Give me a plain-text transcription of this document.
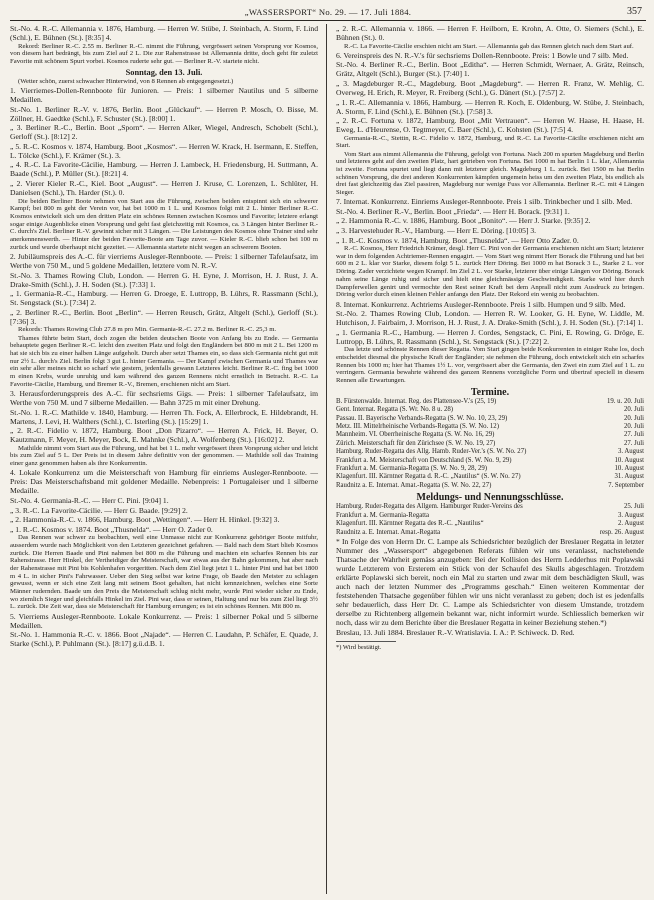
„WASSERSPORT“ No. 29. — 17. Juli 1884.	357

St.-No. 4. R.-C. Allemannia v. 1876, Hamburg. — Herren W. Stübe, J. Steinbach, A. Storm, F. Lind (Schl.), E. Bühnen (St.). [8:35] 4.

Rekord: Berliner R.-C. 2.55 m. Berliner R.-C. nimmt die Führung, vergrössert seinen Vorsprung vor Kosmos, von diesem hart bedrängt, bis zum Ziel auf 2 L. Die zur Rahenstrasse ist Allemannia dritte, doch geht für zuletzt Favorite mit schönem Spurt vorbei. Kosmos ruderte sehr gut. — Berliner R.-V. startete nicht.

Sonntag, den 13. Juli.

(Wetter schön, zuerst schwacher Hinterwind, von 8 Rennen ab entgegengesetzt.)

1. Vierriemes-Dollen-Rennboote für Junioren. — Preis: 1 silberner Nautilus und 5 silberne Medaillen.

St.-No. 1. Berliner R.-V. v. 1876, Berlin. Boot „Glückauf“. — Herren P. Mosch, O. Bisse, M. Zöllner, H. Gaedtke (Schl.), F. Schuster (St.). [8:00] 1.

„ 3. Berliner R.-C., Berlin. Boot „Sporn“. — Herren Alker, Wiegel, Andresch, Schobelt (Schl.), Gerloff (St.). [8:12] 2.

„ 5. R.-C. Kosmos v. 1874, Hamburg. Boot „Kosmos“. — Herren W. Krack, H. Isermann, E. Steffen, L. Tölcke (Schl.), F. Krämer (St.). 3.

„ 4. R.-C. La Favorite-Cäcilie, Hamburg. — Herren J. Lambeck, H. Friedensburg, H. Suttmann, A. Baade (Schl.), P. Müller (St.). [8:21] 4.

„ 2. Vierer Kieler R.-C., Kiel. Boot „August“. — Herren J. Kruse, C. Lorenzen, L. Schlüter, H. Danielsen (Schl.), Th. Harder (St.). 0.

Die beiden Berliner Boote nehmen von Start aus die Führung, zwischen beiden entspinnt sich ein schwerer Kampf; bei 800 m geht der Verein vor, hat bei 1000 m 1 L. und Kosmos folgt mit 2 L. hinter Berliner R.-C. Kosmos entwickelt sich um den dritten Platz ein schönes Rennen zwischen Kosmos und Favorite; letztere erlangt sogar einige Augenblicke einen Vorsprung und geht fast gleichzeitig mit Kosmos, ca. 3 Längen hinter Berliner R.-C. durch's Ziel. Berliner R.-V. gewinnt sicher mit 3 Längen. — Die Leistungen des Kosmos ohne Trainer sind sehr anerkennenswerth. — Hinter der beiden Favorite-Boote am Tage zuvor. — Kieler R.-C. blieb schon bei 100 m zurück und wurde überhaupt nicht gezeitet. — Allemannia startete nicht wegen an schwerem Booten.

2. Jubiläumspreis des A.-C. für vierriems Ausleger-Rennboote. — Preis: 1 silberner Tafelaufsatz, im Werthe von 750 M., und 5 goldene Medaillen, letztere vom N. R.-V.

St.-No. 3. Thames Rowing Club, London. — Herren G. H. Eyne, J. Morrison, H. J. Rust, J. A. Drake-Smith (Schl.), J. H. Soden (St.). [7:33] 1.

„ 1. Germania-R.-C., Hamburg. — Herren G. Droege, E. Luttropp, B. Lührs, R. Rassmann (Schl.), St. Sengstack (St.). [7:34] 2.

„ 2. Berliner R.-C., Berlin. Boot „Berlin“. — Herren Reusch, Grätz, Altgelt (Schl.), Gerloff (St.). [7:36] 3.

Rekords: Thames Rowing Club 27.8 m pro Min. Germania-R.-C. 27.2 m. Berliner R.-C. 25,3 m.

Thames führte beim Start, doch zogen die beiden deutschen Boote von Anfang bis zu Ende. — Germania behauptete gegen Berliner R.-C. leicht den zweiten Platz und folgt den Engländern bei 800 m mit 2 L. Bei 1200 m hat sie sich bis zu einer halben Länge aufgeholt. Durch aber setzt Thames ein, so dass sich Germania nicht gut mit nur 2½ L. durch's Ziel. Berlin folgt 3 gut L. hinter Germania. — Der Kampf zwischen Germania und Thames war ein sehr aller meines nicht so scharf wie gestern, jedenfalls gewann Letzteres leicht. Berliner R.-C. fing bei 1000 m einen Krebs, wurde unruhig und kam während des ganzen Rennens nicht ernstlich in Betracht. R.-C. La Favorite-Cäcilie, Hamburg, und Bremer R.-V., Bremen, erschienen nicht am Start.

3. Herausforderungspreis des A.-C. für sechsriems Gigs. — Preis: 1 silberner Tafelaufsatz, im Werthe von 750 M. und 7 silberne Medaillen. — Bahn 3725 m mit einer Drehung.

St.-No. 1. R.-C. Mathilde v. 1840, Hamburg. — Herren Th. Fock, A. Ellerbrock, E. Hildebrandt, H. Martens, J. Levi, H. Walthers (Schl.), C. Isterling (St.). [15:29] 1.

„ 2. R.-C. Fidelio v. 1872, Hamburg. Boot „Don Pizarro“. — Herren A. Frick, H. Beyer, O. Kautzmann, F. Meyer, H. Meyer, Bock, E. Mahnke (Schl.), A. Wolfenberg (St.). [16:02] 2.

Mathilde nimmt vom Start aus die Führung, und hat bei 1 L. mehr vergrössert ihren Vorsprung sicher und leicht bis zum Ziel auf 5 L. Der Preis ist in diesem Jahre definitiv von der genommen. — Mathilde soll das Training einer ganz genommen haben als ihre Konkurrentin.

4. Lokale Konkurrenz um die Meisterschaft von Hamburg für einriems Ausleger-Rennboote. — Preis: Das Meisterschaftsband mit goldener Medaille. Nebenpreis: 1 Portugaleiser und 1 silberne Medaille.

St.-No. 4. Germania-R.-C. — Herr C. Pini. [9:04] 1.

„ 3. R.-C. La Favorite-Cäcilie. — Herr G. Baade. [9:29] 2.

„ 2. Hammonia-R.-C. v. 1866, Hamburg. Boot „Wettingen“. — Herr H. Hinkel. [9:32] 3.

„ 1. R.-C. Kosmos v. 1874. Boot „Thusnelda“. — Herr O. Zader 0.

Das Rennen war schwer zu beobachten, weil eine Unmasse nicht zur Konkurrenz gehöriger Boote mitfuhr, ausserdem wurde nach Möglichkeit von den Letzteren gezeichnet gefahren. — Bald nach dem Start blieb Kosmos zurück. Die Herren Baade und Pini nahmen bei 800 m die Führung und machten ein scharfes Rennen bis zur Rahenstrasse. Herr Hinkel, der Vertheidiger der Meisterschaft, war etwas aus der Bahn gekommen, hat aber nach der Rahenstrasse mit Pini bis Kohlenhafen vorgeritten. Nach dem Ziel liegt jetzt 1 L. hinter Pini und hat bei 1800 m 4 L. in sicher Pini's Fahrwasser. Ueber den Sieg selbst war keine Frage, ob Baade den Meister zu schlagen gewusst, wenn er sich eine Zeit lang mit seinem Boot gehalten, hat nicht kennzeichnen, welches eine Sorte Männer rudernden. Baade um den Preis die Meisterschaft schlug nicht mehr, wurde Pini wieder sicher zu Ende, wo ziemlich Sieger und gleichfalls Hinkel im Ziel. Pini war, dass er seinen, Haltung und nur bis zum Ziel liegt 3½ L. zurück. Die Zeit war, dass sie Meisterschaft für Hamburg errungen; es ist ein schönes Rennen. Mit 800 m.

5. Vierriems Ausleger-Rennboote. Lokale Konkurrenz. — Preis: 1 silberner Pokal und 5 silberne Medaillen.

St.-No. 1. Hammonia R.-C. v. 1866. Boot „Najade“. — Herren C. Laudahn, P. Schäfer, E. Quade, J. Starke (Schl.), P. Puhlmann (St.). [8:17] g.ü.d.B. 1.

„ 2. R.-C. Allemannia v. 1866. — Herren F. Heilborn, E. Krohn, A. Otte, O. Siemers (Schl.), E. Bühnen (St.). 0.

R.-C. La Favorite-Cäcilie erschien nicht am Start. — Allemannia gab das Rennen gleich nach dem Start auf.

6. Vereinspreis des N. R.-V.'s für sechsriems Dollen-Rennboote. Preis: 1 Bowle und 7 silb. Med.

St.-No. 4. Berliner R.-C., Berlin. Boot „Editha“. — Herren Schmidt, Wernaer, A. Grätz, Reinsch, Grätz, Altgelt (Schl.), Burger (St.). [7:40] 1.

„ 3. Magdeburger R.-C., Magdeburg. Boot „Magdeburg“. — Herren R. Franz, W. Mehlig, C. Overweg, H. Erich, R. Meyer, R. Freiberg (Schl.), G. Dänert (St.). [7:57] 2.

„ 1. R.-C. Allemannia v. 1866, Hamburg. — Herren R. Koch, E. Oldenburg, W. Stübe, J. Steinbach, A. Storm, F. Lind (Schl.), E. Bühnen (St.). [7:58] 3.

„ 2. R.-C. Fortuna v. 1872, Hamburg. Boot „Mit Vertrauen“. — Herren W. Haase, H. Haase, H. Eweg, L. d'Heurense, O. Tegtmeyer, C. Baer (Schl.), C. Kohsten (St.). [7:5] 4.

Germania-R.-C., Stettin, R.-C. Fidelio v. 1872, Hamburg, und R.-C. La Favorite-Cäcilie erschienen nicht am Start.

Vom Start aus nimmt Allemannia die Führung, gefolgt von Fortuna. Nach 200 m spurten Magdeburg und Berlin und letzteres geht auf den zweiten Platz, hart getrieben von Fortuna. Bei 1000 m hat Berlin 1 L. klar, Allemannia ist zweite. Fortuna spurtet und liegt dann mit letzterer gleich. Magdeburg 1 L. zurück. Bei 1500 m hat Berlin schönen Vorsprung, die drei anderen Konkurrenten kämpfen ungemein heiss um den zweiten Platz, bis endlich als drei fast gleichzeitig das Ziel passiren, Magdeburg nur wenige Fuss vor Allemannia. Berliner R.-C. mit 4 Längen Sieger.

7. Internat. Konkurrenz. Einriems Ausleger-Rennboote. Preis 1 silb. Trinkbecher und 1 silb. Med.

St.-No. 4. Berliner R.-V., Berlin. Boot „Frieda“. — Herr H. Borack. [9:31] 1.

„ 2. Hammonia R.-C. v. 1886, Hamburg. Boot „Bonito“. — Herr J. Starke. [9:35] 2.

„ 3. Harvestehuder R.-V., Hamburg. — Herr E. Döring. [10:05] 3.

„ 1. R.-C. Kosmos v. 1874, Hamburg. Boot „Thusnelda“. — Herr Otto Zader. 0.

R.-C. Kosmos, Herr Friedrich Krämer, desgl. Herr C. Pini von der Germania erschienen nicht am Start; letzterer war in dem folgenden Achtriemer-Rennen engagirt. — Vom Start weg nimmt Herr Borack die Führung und hat bei 600 m 2 L. klar vor Starke, diesem folgt 5 L. zurück Herr Döring. Bei 1000 m hat Borack 3 L., Starke 2 L. vor Döring. Zader verzichtete wegen Krampf. Im Ziel 2 L. vor Starke, letzterer über einige Längen vor Döring. Borack nahm seine Länge ruhig und sicher und hielt eine gleichmässige Geschwindigkeit. Starke wird hier durch Dampferwellen genirt und vermochte den Rest seiner Kraft bei dem Anprall nicht zum Ausdruck zu bringen. Döring verlor durch einen kleinen Fehler anfangs den Platz. Der Rekord ein wenig zu beobachten.

8. Internat. Konkurrenz. Achtriems Ausleger-Rennboote. Preis 1 silb. Humpen und 9 silb. Med.

St.-No. 2. Thames Rowing Club, London. — Herren R. W. Looker, G. H. Eyne, W. Liddle, M. Hutchison, J. Fairbairn, J. Morrison, H. J. Rust, J. A. Drake-Smith (Schl.), J. H. Soden (St.). [7:14] 1.

„ 1. Germania R.-C., Hamburg. — Herren J. Cordes, Sengstack, C. Pini, E. Rowing, G. Dröge, E. Luttropp, B. Lührs, R. Rassmann (Schl.), St. Sengstack (St.). [7:22] 2.

Das letzte und schönste Rennen dieser Regatta. Vom Start gingen beide Konkurrenten in einiger Ruhe los, doch entscheidet diesmal die physische Kraft der Engländer; sie nehmen die Führung, doch entwickelt sich ein scharfes Rennen bis 1000 m; hier hat Thames 1½ L. vor, vergrössert aber die Germania, den Zwei ein zum Ziel auf 1 L. zu verringern. Germania bewahrte während des ganzen Rennens vorzügliche Form und übertraf speciell in diesem Rennen alle Erwartungen.

Termine.

B. Fürstenwalde. Internat. Reg. des Plattensee-V.'s (25, 19)	19. u. 20. Juli
Gent. Internat. Regatta (S. Wr. No. 8 u. 28)	20. Juli
Passau. II. Bayerische Verbands-Regatta (S. W. No. 10, 23, 29)	20. Juli
Metz. III. Mittelrheinische Verbands-Regatta (S. W. No. 12)	20. Juli
Mannheim. VI. Oberrheinische Regatta (S. W. No. 16, 29)	27. Juli
Zürich. Meisterschaft für den Zürichsee (S. W. No. 19, 27)	27. Juli
Hamburg. Ruder-Regatta des Allg. Hamb. Ruder-Ver.'s (S. W. No. 27)	3. August
Frankfurt a. M. Meisterschaft von Deutschland (S. W. No. 9, 29)	10. August
Frankfurt a. M. Germania-Regatta (S. W. No. 9, 28, 29)	10. August
Klagenfurt. III. Kärntner Regatta d. R.-C. „Nautilus“ (S. W. No. 27)	31. August
Raudnitz a. E. Internat. Amat.-Regatta (S. W. No. 22, 27)	7. September

Meldungs- und Nennungsschlüsse.

Hamburg. Ruder-Regatta des Allgem. Hamburger Ruder-Vereins des	25. Juli
Frankfurt a. M. Germania-Regatta	3. August
Klagenfurt. III. Kärntner Regatta des R.-C. „Nautilus“	2. August
Raudnitz a. E. Internat. Amat.-Regatta	resp. 26. August

* In Folge des von Herrn Dr. C. Lampe als Schiedsrichter bezüglich der Breslauer Regatta in letzter Nummer des „Wassersport“ abgegebenen Referats fühlen wir uns veranlasst, nachstehende Thatsache der Wahrheit gemäss anzugeben: Bei der Kollision des Herrn Ledderhus mit Poplawski wurde Letzterem von Ersterem ein Stück von der Schaufel des Skulls abgeschlagen. Trotzdem erklärte Poplawski sich bereit, noch ein Mal zu starten und zwar mit dem beschädigten Skull, was auch nach der letzten Nummer des „Programms geschah.“ Einen weiteren Kommentar der feststehenden Thatsache gegenüber fühlen wir uns nicht veranlasst zu geben; doch ist es jedenfalls sehr bedauerlich, dass Herr Dr. C. Lampe als Schiedsrichter von diesem Umstande, trotzdem derselbe zu Richtenberg allgemein bekannt war, nicht informirt wurde. Schliesslich bemerken wir noch, dass wir zu dem Berichte über die Breslauer Regatta in keiner Beziehung stehen.*)

Breslau, 13. Juli 1884. Breslauer R.-V. Wratislavia. I. A.: P. Schiweck. D. Red.

*) Wird bestätigt.
